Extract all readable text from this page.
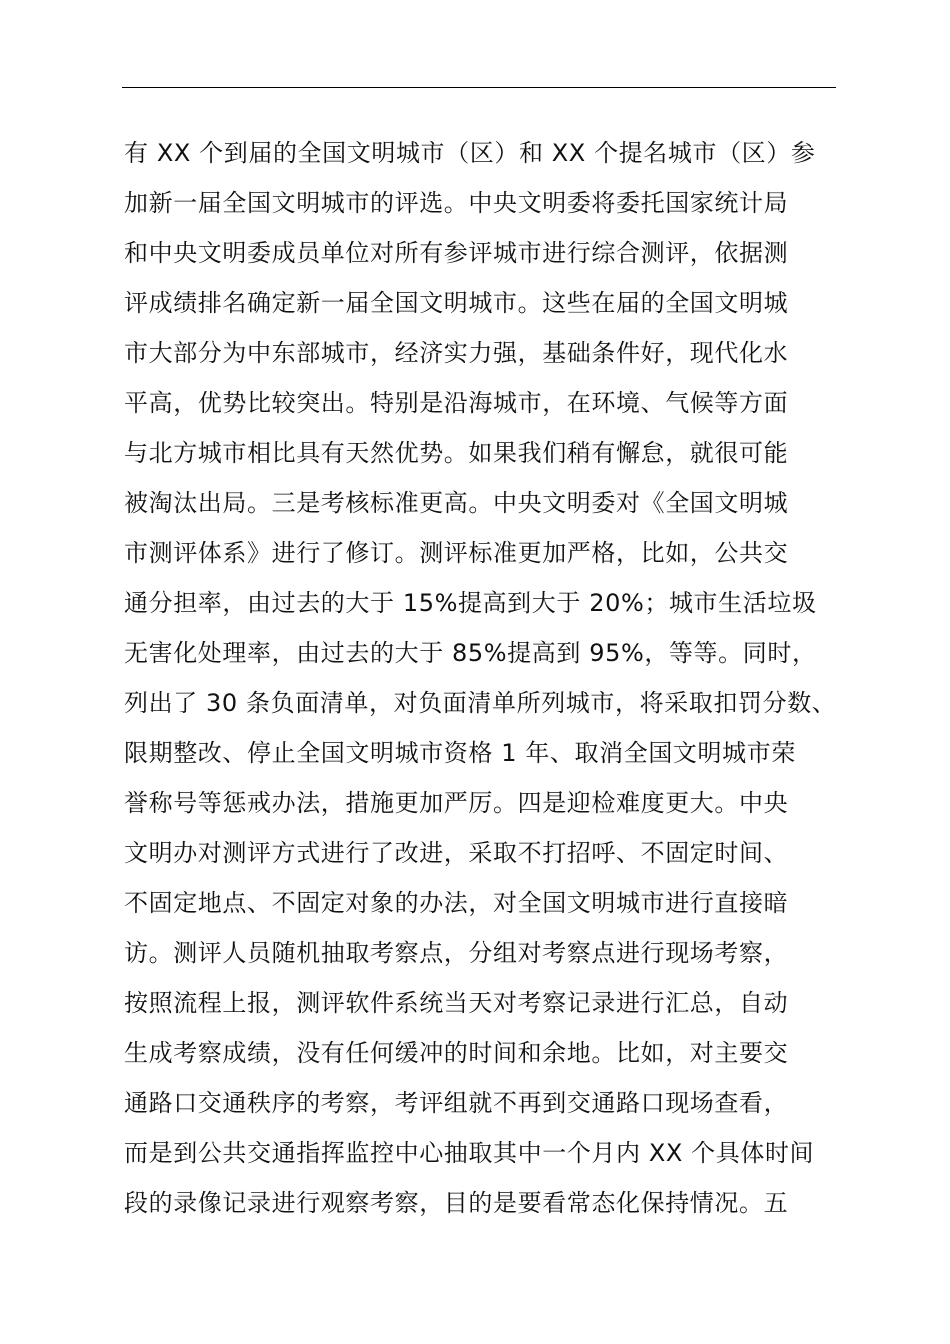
有 XX 个到届的全国文明城市（区）和 XX 个提名城市（区）参
加新一届全国文明城市的评选。中央文明委将委托国家统计局
和中央文明委成员单位对所有参评城市进行综合测评，依据测
评成绩排名确定新一届全国文明城市。这些在届的全国文明城
市大部分为中东部城市，经济实力强，基础条件好，现代化水
平高，优势比较突出。特别是沿海城市，在环境、气候等方面
与北方城市相比具有天然优势。如果我们稍有懈怠，就很可能
被淘汰出局。三是考核标准更高。中央文明委对《全国文明城
市测评体系》进行了修订。测评标准更加严格，比如，公共交
通分担率，由过去的大于 15%提高到大于 20%；城市生活垃圾
无害化处理率，由过去的大于 85%提高到 95%，等等。同时，
列出了 30 条负面清单，对负面清单所列城市，将采取扣罚分数、
限期整改、停止全国文明城市资格 1 年、取消全国文明城市荣
誉称号等惩戒办法，措施更加严厉。四是迎检难度更大。中央
文明办对测评方式进行了改进，采取不打招呼、不固定时间、
不固定地点、不固定对象的办法，对全国文明城市进行直接暗
访。测评人员随机抽取考察点，分组对考察点进行现场考察，
按照流程上报，测评软件系统当天对考察记录进行汇总，自动
生成考察成绩，没有任何缓冲的时间和余地。比如，对主要交
通路口交通秩序的考察，考评组就不再到交通路口现场查看，
而是到公共交通指挥监控中心抽取其中一个月内 XX 个具体时间
段的录像记录进行观察考察，目的是要看常态化保持情况。五
